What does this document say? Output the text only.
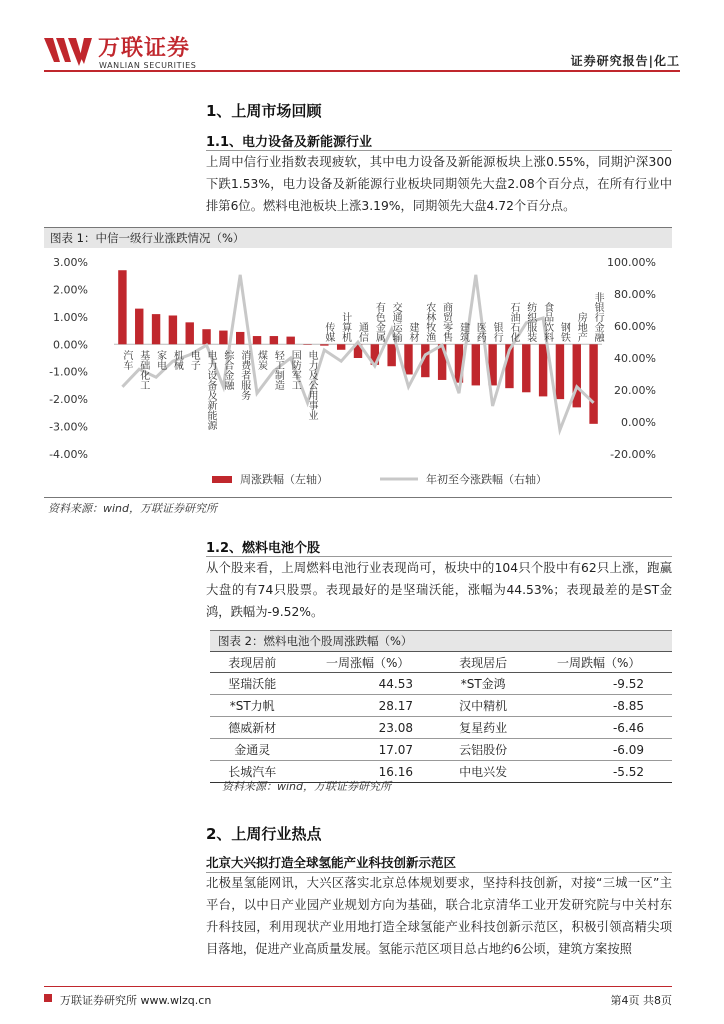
万联证券
WANLIAN SECURITIES	证券研究报告|化工
1、上周市场回顾
1.1、电力设备及新能源行业

上周中信行业指数表现疲软，其中电力设备及新能源板块上涨0.55%，同期沪深300下跌1.53%，电力设备及新能源行业板块同期领先大盘2.08个百分点，在所有行业中排第6位。燃料电池板块上涨3.19%，同期领先大盘4.72个百分点。

图表 1：中信一级行业涨跌情况（%）
3.00%
2.00%
1.00%
0.00%
-1.00%
-2.00%
-3.00%
-4.00%
100.00%
80.00%
60.00%
40.00%
20.00%
0.00%
-20.00%
汽车 基础化工 家电 机械 电子 电力设备及新能源 综合金融 消费者服务 煤炭 轻工制造 国防军工 电力及公用事业
传媒 计算机 通信 有色金属 交通运输 建材 农林牧渔 商贸零售 建筑 医药 银行 石油石化 纺织服装 食品饮料 钢铁 房地产 非银行金融
周涨跌幅（左轴）	年初至今涨跌幅（右轴）
资料来源：wind，万联证券研究所
1.2、燃料电池个股

从个股来看，上周燃料电池行业表现尚可，板块中的104只个股中有62只上涨，跑赢大盘的有74只股票。表现最好的是坚瑞沃能，涨幅为44.53%；表现最差的是ST金鸿，跌幅为-9.52%。

图表 2：燃料电池个股周涨跌幅（%）
表现居前	一周涨幅（%）	表现居后	一周跌幅（%）
坚瑞沃能	44.53	*ST金鸿	-9.52
*ST力帆	28.17	汉中精机	-8.85
德威新材	23.08	复星药业	-6.46
金通灵	17.07	云铝股份	-6.09
长城汽车	16.16	中电兴发	-5.52
资料来源：wind，万联证券研究所
2、上周行业热点
北京大兴拟打造全球氢能产业科技创新示范区

北极星氢能网讯，大兴区落实北京总体规划要求，坚持科技创新，对接“三城一区”主平台，以中日产业园产业规划方向为基础，联合北京清华工业开发研究院与中关村东升科技园，利用现状产业用地打造全球氢能产业科技创新示范区，积极引领高精尖项目落地，促进产业高质量发展。氢能示范区项目总占地约6公顷，建筑方案按照

万联证券研究所 www.wlzq.cn	第4页 共8页
